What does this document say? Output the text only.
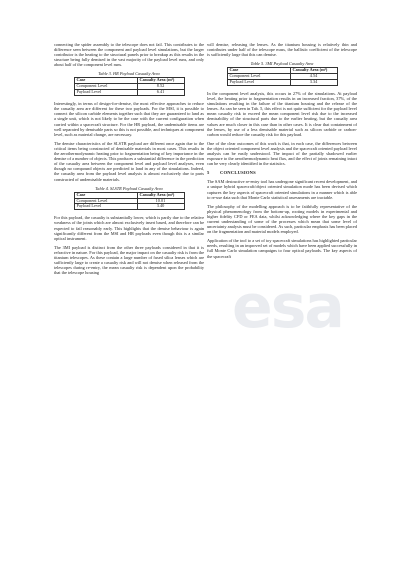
esa

connecting the spider assembly to the telescope does not fail. This contributes to the difference seen between the component and payload level simulations, but the larger contributor is the heating to the structural panels prior to breakup as this results in the structure being fully demised in the vast majority of the payload level runs, and only about half of the component level runs.

Table 3. HR Payload Casualty Area
Case	Casualty Area (m²)
Component Level	8.52
Payload Level	6.41

Interestingly, in terms of design-for-demise, the most effective approaches to reduce the casualty area are different for these two payloads. For the MSI, it is possible to connect the silicon carbide elements together such that they are guaranteed to land as a single unit, which is not likely to be the case with the current configuration when carried within a spacecraft structure. For the HR payload, the undemisable items are well separated by demisable parts so this is not possible, and techniques at component level, such as material change, are necessary.

The demise characteristics of the SLSTR payload are different once again due to the critical items being constructed of demisable materials in most cases. This results in the aerothermodynamic heating prior to fragmentation being of key importance in the demise of a number of objects. This produces a substantial difference in the prediction of the casualty area between the component level and payload level analyses, even though no compound objects are predicted to land in any of the simulations. Indeed, the casualty area from the payload level analysis is almost exclusively due to parts constructed of undemisable materials.

Table 4. SLSTR Payload Casualty Area
Case	Casualty Area (m²)
Component Level	10.01
Payload Level	3.40

For this payload, the casualty is substantially lower, which is partly due to the relative weakness of the joints which are almost exclusively insert based, and therefore can be expected to fail reasonably early. This highlights that the demise behaviour is again significantly different from the MSI and HR payloads even though this is a similar optical instrument.

The 3MI payload is distinct from the other three payloads considered in that it is refractive in nature. For this payload, the major impact on the casualty risk is from the titanium telescopes. As these contain a large number of fused silica lenses which are sufficiently large to create a casualty risk and will not demise when released from the telescopes during re-entry, the mean casualty risk is dependent upon the probability that the telescope housing

will demise, releasing the lenses. As the titanium housing is relatively thin and contributes under half of the telescope mass, the ballistic coefficient of the telescope is sufficiently large that this can demise.

Table 5. 3MI Payload Casualty Area
Case	Casualty Area (m²)
Component Level	4.54
Payload Level	3.34

In the component level analysis, this occurs in 27% of the simulations. At payload level, the heating prior to fragmentation results in an increased fraction, 37%, of the simulations resulting in the failure of the titanium housing and the release of the lenses. As can be seen in Tab. 5, this effect is not quite sufficient for the payload level mean casualty risk to exceed the mean component level risk due to the increased demisability of the structural parts due to the earlier heating, but the casualty area values are much closer in this case than in other cases. It is clear that containment of the lenses, by use of a less demisable material such as silicon carbide or carbon-carbon would reduce the casualty risk for this payload.

One of the clear outcomes of this work is that, in each case, the differences between the object oriented component level analysis and the spacecraft oriented payload level analysis can be easily understood. The impact of the partially shadowed earlier exposure to the aerothermodynamic heat flux, and the effect of joints remaining intact can be very clearly identified in the statistics.

5 CONCLUSIONS

The SAM destructive re-entry tool has undergone significant recent development, and a unique hybrid spacecraft/object oriented simulation mode has been devised which captures the key aspects of spacecraft oriented simulations in a manner which is able to re-use data such that Monte Carlo statistical assessments are tractable.

The philosophy of the modelling approach is to be faithfully representative of the physical phenomenology from the bottom-up, rooting models in experimental and higher fidelity CFD or FEA data, whilst acknowledging where the key gaps in the current understanding of some of the processes which mean that some level of uncertainty analysis must be considered. As such, particular emphasis has been placed on the fragmentation and material models employed.

Application of the tool to a set of toy spacecraft simulations has highlighted particular needs, resulting in an improved set of models which have been applied successfully in full Monte Carlo simulation campaigns to four optical payloads. The key aspects of the spacecraft
